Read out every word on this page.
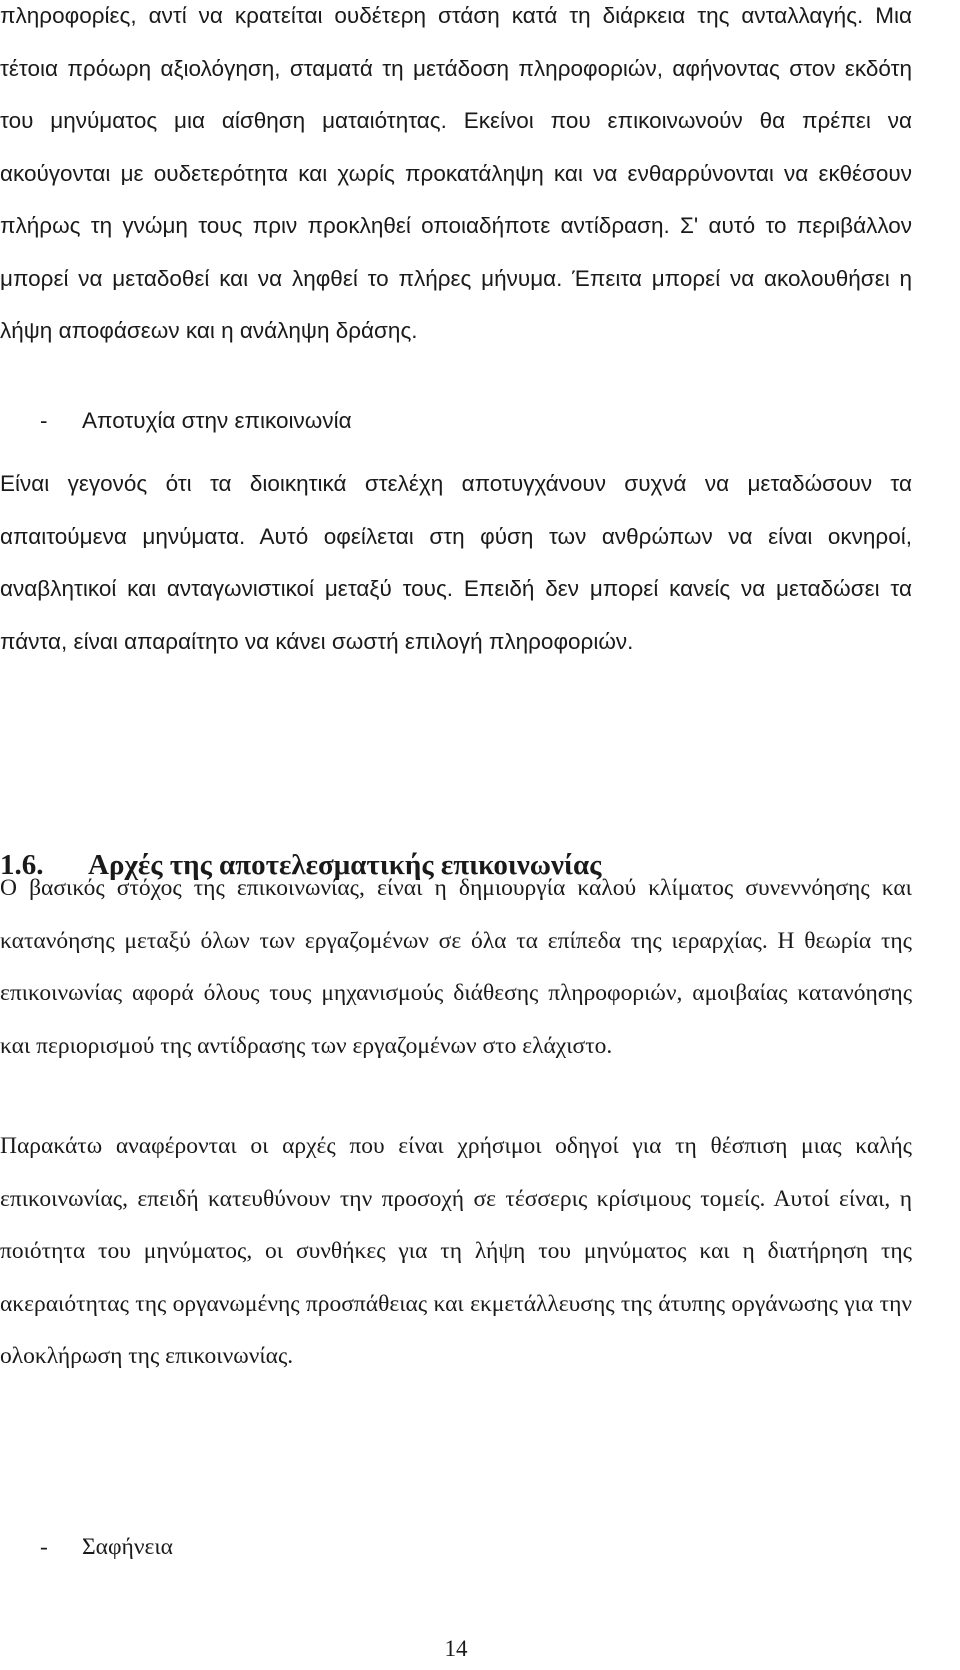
πληροφορίες, αντί να κρατείται ουδέτερη στάση κατά τη διάρκεια της ανταλλαγής. Μια τέτοια πρόωρη αξιολόγηση, σταματά τη μετάδοση πληροφοριών, αφήνοντας στον εκδότη του μηνύματος μια αίσθηση ματαιότητας. Εκείνοι που επικοινωνούν θα πρέπει να ακούγονται με ουδετερότητα και χωρίς προκατάληψη και να ενθαρρύνονται να εκθέσουν πλήρως τη γνώμη τους πριν προκληθεί οποιαδήποτε αντίδραση. Σ' αυτό το περιβάλλον μπορεί να μεταδοθεί και να ληφθεί το πλήρες μήνυμα. Έπειτα μπορεί να ακολουθήσει η λήψη αποφάσεων και η ανάληψη δράσης.

- Αποτυχία στην επικοινωνία

Είναι γεγονός ότι τα διοικητικά στελέχη αποτυγχάνουν συχνά να μεταδώσουν τα απαιτούμενα μηνύματα. Αυτό οφείλεται στη φύση των ανθρώπων να είναι οκνηροί, αναβλητικοί και ανταγωνιστικοί μεταξύ τους. Επειδή δεν μπορεί κανείς να μεταδώσει τα πάντα, είναι απαραίτητο να κάνει σωστή επιλογή πληροφοριών.

1.6. Αρχές της αποτελεσματικής επικοινωνίας

Ο βασικός στόχος της επικοινωνίας, είναι η δημιουργία καλού κλίματος συνεννόησης και κατανόησης μεταξύ όλων των εργαζομένων σε όλα τα επίπεδα της ιεραρχίας. Η θεωρία της επικοινωνίας αφορά όλους τους μηχανισμούς διάθεσης πληροφοριών, αμοιβαίας κατανόησης και περιορισμού της αντίδρασης των εργαζομένων στο ελάχιστο.

Παρακάτω αναφέρονται οι αρχές που είναι χρήσιμοι οδηγοί για τη θέσπιση μιας καλής επικοινωνίας, επειδή κατευθύνουν την προσοχή σε τέσσερις κρίσιμους τομείς. Αυτοί είναι, η ποιότητα του μηνύματος, οι συνθήκες για τη λήψη του μηνύματος και η διατήρηση της ακεραιότητας της οργανωμένης προσπάθειας και εκμετάλλευσης της άτυπης οργάνωσης για την ολοκλήρωση της επικοινωνίας.

- Σαφήνεια
14
